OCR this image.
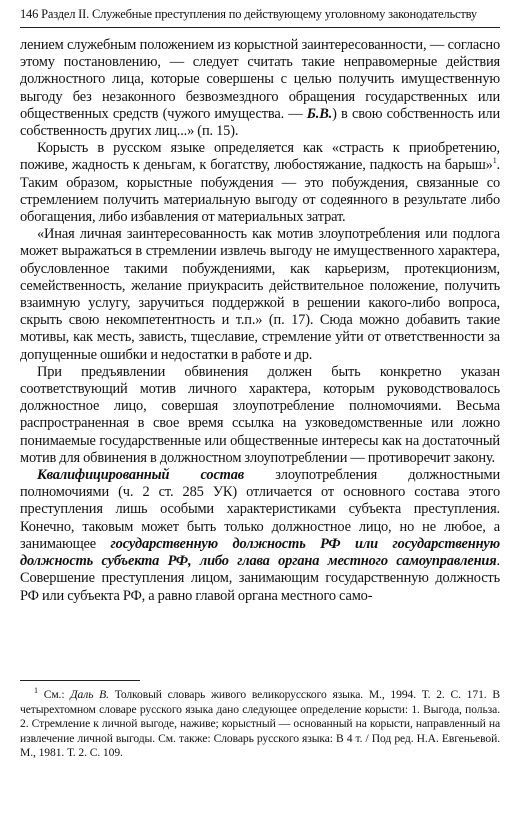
146 Раздел II. Служебные преступления по действующему уголовному законодательству

лением служебным положением из корыстной заинтересованности, — согласно этому постановлению, — следует считать такие неправомерные действия должностного лица, которые совершены с целью получить имущественную выгоду без незаконного безвозмездного обращения государственных или общественных средств (чужого имущества. — Б.В.) в свою собственность или собственность других лиц...» (п. 15).

Корысть в русском языке определяется как «страсть к приобретению, поживе, жадность к деньгам, к богатству, любостяжание, падкость на барыш»$^1$. Таким образом, корыстные побуждения — это побуждения, связанные со стремлением получить материальную выгоду от содеянного в результате либо обогащения, либо избавления от материальных затрат.

«Иная личная заинтересованность как мотив злоупотребления или подлога может выражаться в стремлении извлечь выгоду не имущественного характера, обусловленное такими побуждениями, как карьеризм, протекционизм, семейственность, желание приукрасить действительное положение, получить взаимную услугу, заручиться поддержкой в решении какого-либо вопроса, скрыть свою некомпетентность и т.п.» (п. 17). Сюда можно добавить такие мотивы, как месть, зависть, тщеславие, стремление уйти от ответственности за допущенные ошибки и недостатки в работе и др.

При предъявлении обвинения должен быть конкретно указан соответствующий мотив личного характера, которым руководствовалось должностное лицо, совершая злоупотребление полномочиями. Весьма распространенная в свое время ссылка на узковедомственные или ложно понимаемые государственные или общественные интересы как на достаточный мотив для обвинения в должностном злоупотреблении — противоречит закону.

Квалифицированный состав злоупотребления должностными полномочиями (ч. 2 ст. 285 УК) отличается от основного состава этого преступления лишь особыми характеристиками субъекта преступления. Конечно, таковым может быть только должностное лицо, но не любое, а занимающее государственную должность РФ или государственную должность субъекта РФ, либо глава органа местного самоуправления. Совершение преступления лицом, занимающим государственную должность РФ или субъекта РФ, а равно главой органа местного само-

$^1$ См.: Даль В. Толковый словарь живого великорусского языка. М., 1994. Т. 2. С. 171. В четырехтомном словаре русского языка дано следующее определение корысти: 1. Выгода, польза. 2. Стремление к личной выгоде, наживе; корыстный — основанный на корысти, направленный на извлечение личной выгоды. См. также: Словарь русского языка: В 4 т. / Под ред. Н.А. Евгеньевой. М., 1981. Т. 2. С. 109.
